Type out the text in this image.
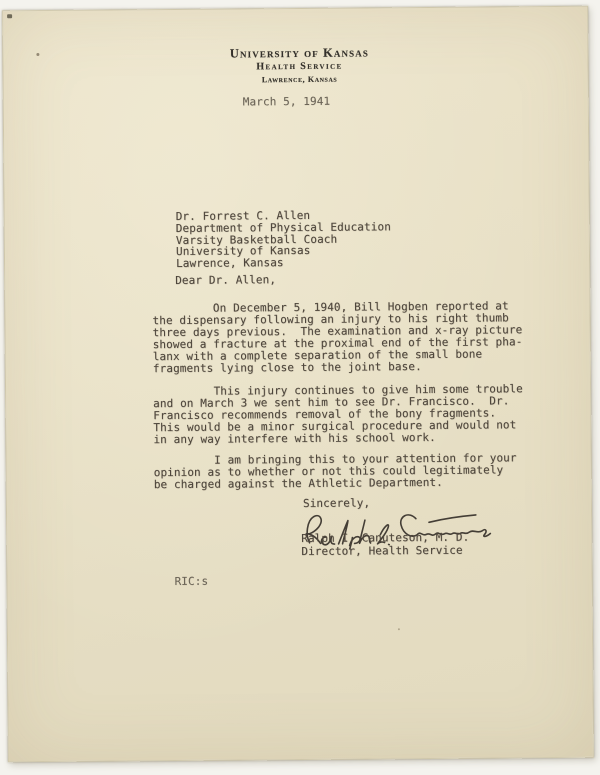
University of Kansas
Health Service
Lawrence, Kansas
March 5, 1941
Dr. Forrest C. Allen
Department of Physical Education
Varsity Basketball Coach
University of Kansas
Lawrence, Kansas
Dear Dr. Allen,
On December 5, 1940, Bill Hogben reported at
the dispensary following an injury to his right thumb
three days previous.  The examination and x-ray picture
showed a fracture at the proximal end of the first pha-
lanx with a complete separation of the small bone
fragments lying close to the joint base.
This injury continues to give him some trouble
and on March 3 we sent him to see Dr. Francisco.  Dr.
Francisco recommends removal of the bony fragments.
This would be a minor surgical procedure and would not
in any way interfere with his school work.
I am bringing this to your attention for your
opinion as to whether or not this could legitimately
be charged against the Athletic Department.
Sincerely,
Ralph I. Canuteson, M. D.
Director, Health Service
RIC:s
